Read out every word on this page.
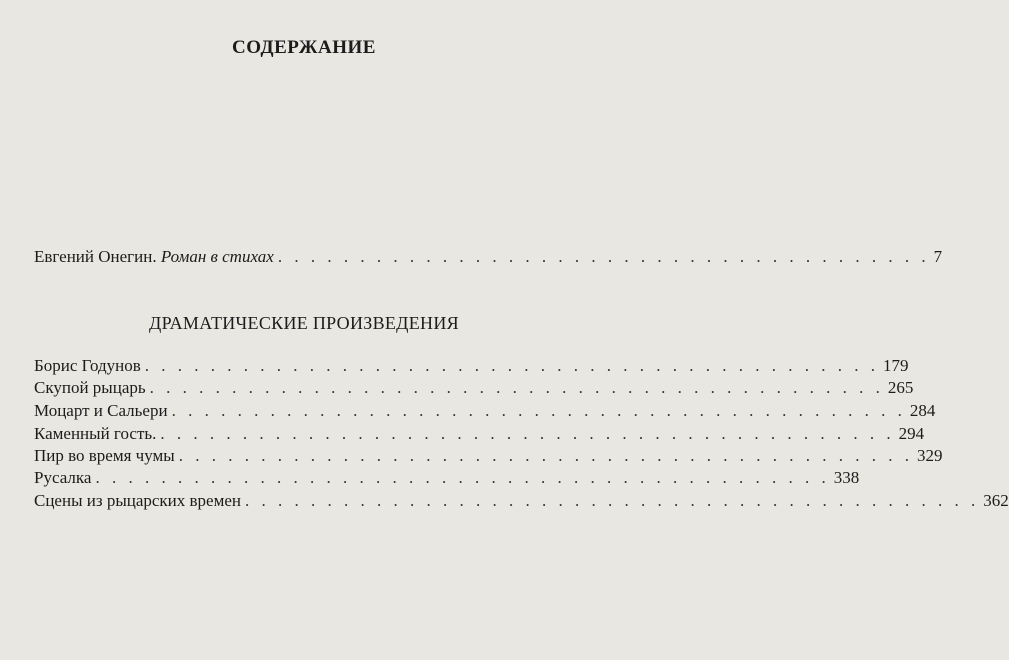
СОДЕРЖАНИЕ
Евгений Онегин. Роман в стихах . . . . . . . . . . . . . . . . . . . . . . . . . . . . . . . . . . . . . . . . 7
ДРАМАТИЧЕСКИЕ ПРОИЗВЕДЕНИЯ
Борис Годунов . . . . . . . . . . . . . . . . . . . . . . . . . . . . . . . . . . . . . . . . . . . . . 179
Скупой рыцарь . . . . . . . . . . . . . . . . . . . . . . . . . . . . . . . . . . . . . . . . . . . . . 265
Моцарт и Сальери . . . . . . . . . . . . . . . . . . . . . . . . . . . . . . . . . . . . . . . . . . . . . 284
Каменный гость. . . . . . . . . . . . . . . . . . . . . . . . . . . . . . . . . . . . . . . . . . . . . . 294
Пир во время чумы . . . . . . . . . . . . . . . . . . . . . . . . . . . . . . . . . . . . . . . . . . . . . 329
Русалка . . . . . . . . . . . . . . . . . . . . . . . . . . . . . . . . . . . . . . . . . . . . . 338
Сцены из рыцарских времен . . . . . . . . . . . . . . . . . . . . . . . . . . . . . . . . . . . . . . . . . . . . . 362
